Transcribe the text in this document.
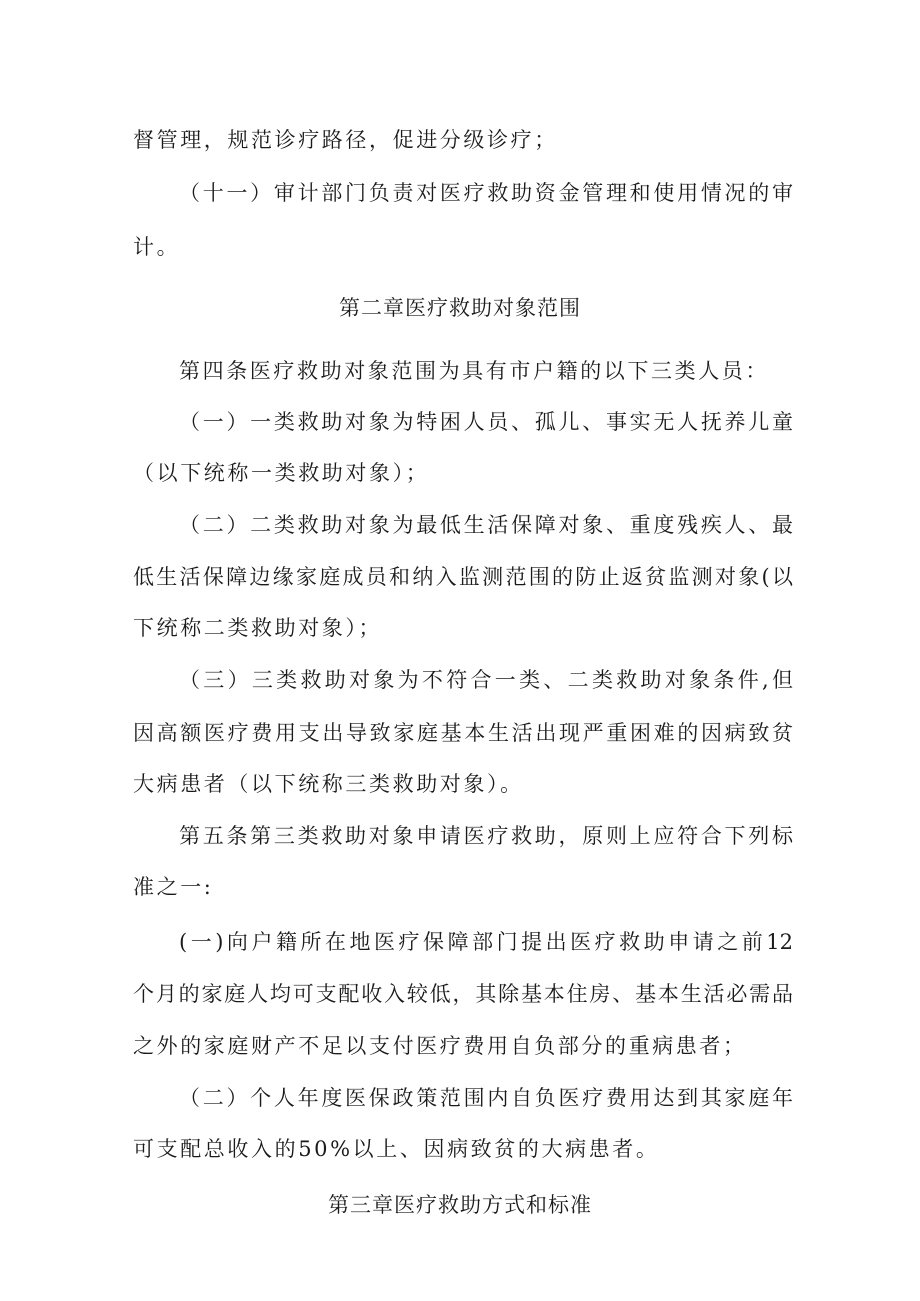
督管理，规范诊疗路径，促进分级诊疗；
（十一）审计部门负责对医疗救助资金管理和使用情况的审
计。
第二章医疗救助对象范围
第四条医疗救助对象范围为具有市户籍的以下三类人员：
（一）一类救助对象为特困人员、孤儿、事实无人抚养儿童
（以下统称一类救助对象）；
（二）二类救助对象为最低生活保障对象、重度残疾人、最
低生活保障边缘家庭成员和纳入监测范围的防止返贫监测对象(以
下统称二类救助对象）；
（三）三类救助对象为不符合一类、二类救助对象条件,但
因高额医疗费用支出导致家庭基本生活出现严重困难的因病致贫
大病患者（以下统称三类救助对象）。
第五条第三类救助对象申请医疗救助，原则上应符合下列标
准之一:
(一)向户籍所在地医疗保障部门提出医疗救助申请之前12
个月的家庭人均可支配收入较低，其除基本住房、基本生活必需品
之外的家庭财产不足以支付医疗费用自负部分的重病患者；
（二）个人年度医保政策范围内自负医疗费用达到其家庭年
可支配总收入的50%以上、因病致贫的大病患者。
第三章医疗救助方式和标准
